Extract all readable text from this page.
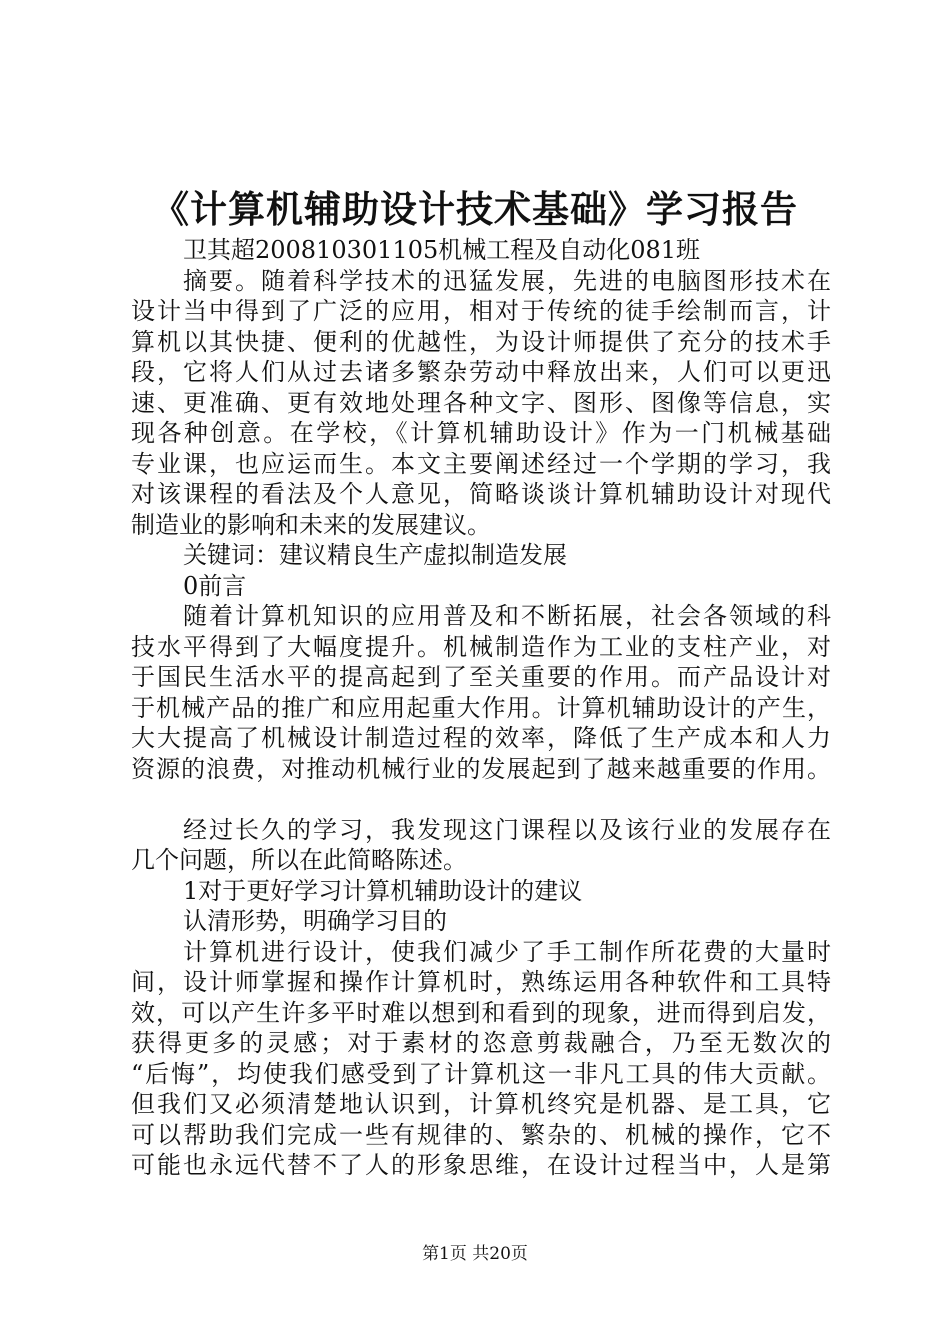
《计算机辅助设计技术基础》学习报告
卫其超200810301105机械工程及自动化081班
摘要。随着科学技术的迅猛发展，先进的电脑图形技术在
设计当中得到了广泛的应用，相对于传统的徒手绘制而言，计
算机以其快捷、便利的优越性，为设计师提供了充分的技术手
段，它将人们从过去诸多繁杂劳动中释放出来，人们可以更迅
速、更准确、更有效地处理各种文字、图形、图像等信息，实
现各种创意。在学校，《计算机辅助设计》作为一门机械基础
专业课，也应运而生。本文主要阐述经过一个学期的学习，我
对该课程的看法及个人意见，简略谈谈计算机辅助设计对现代
制造业的影响和未来的发展建议。
关键词：建议精良生产虚拟制造发展
0前言
随着计算机知识的应用普及和不断拓展，社会各领域的科
技水平得到了大幅度提升。机械制造作为工业的支柱产业，对
于国民生活水平的提高起到了至关重要的作用。而产品设计对
于机械产品的推广和应用起重大作用。计算机辅助设计的产生，
大大提高了机械设计制造过程的效率，降低了生产成本和人力
资源的浪费，对推动机械行业的发展起到了越来越重要的作用。
经过长久的学习，我发现这门课程以及该行业的发展存在
几个问题，所以在此简略陈述。
1对于更好学习计算机辅助设计的建议
认清形势，明确学习目的
计算机进行设计，使我们减少了手工制作所花费的大量时
间，设计师掌握和操作计算机时，熟练运用各种软件和工具特
效，可以产生许多平时难以想到和看到的现象，进而得到启发，
获得更多的灵感；对于素材的恣意剪裁融合，乃至无数次的
“后悔”，均使我们感受到了计算机这一非凡工具的伟大贡献。
但我们又必须清楚地认识到，计算机终究是机器、是工具，它
可以帮助我们完成一些有规律的、繁杂的、机械的操作，它不
可能也永远代替不了人的形象思维，在设计过程当中，人是第
第1页 共20页
